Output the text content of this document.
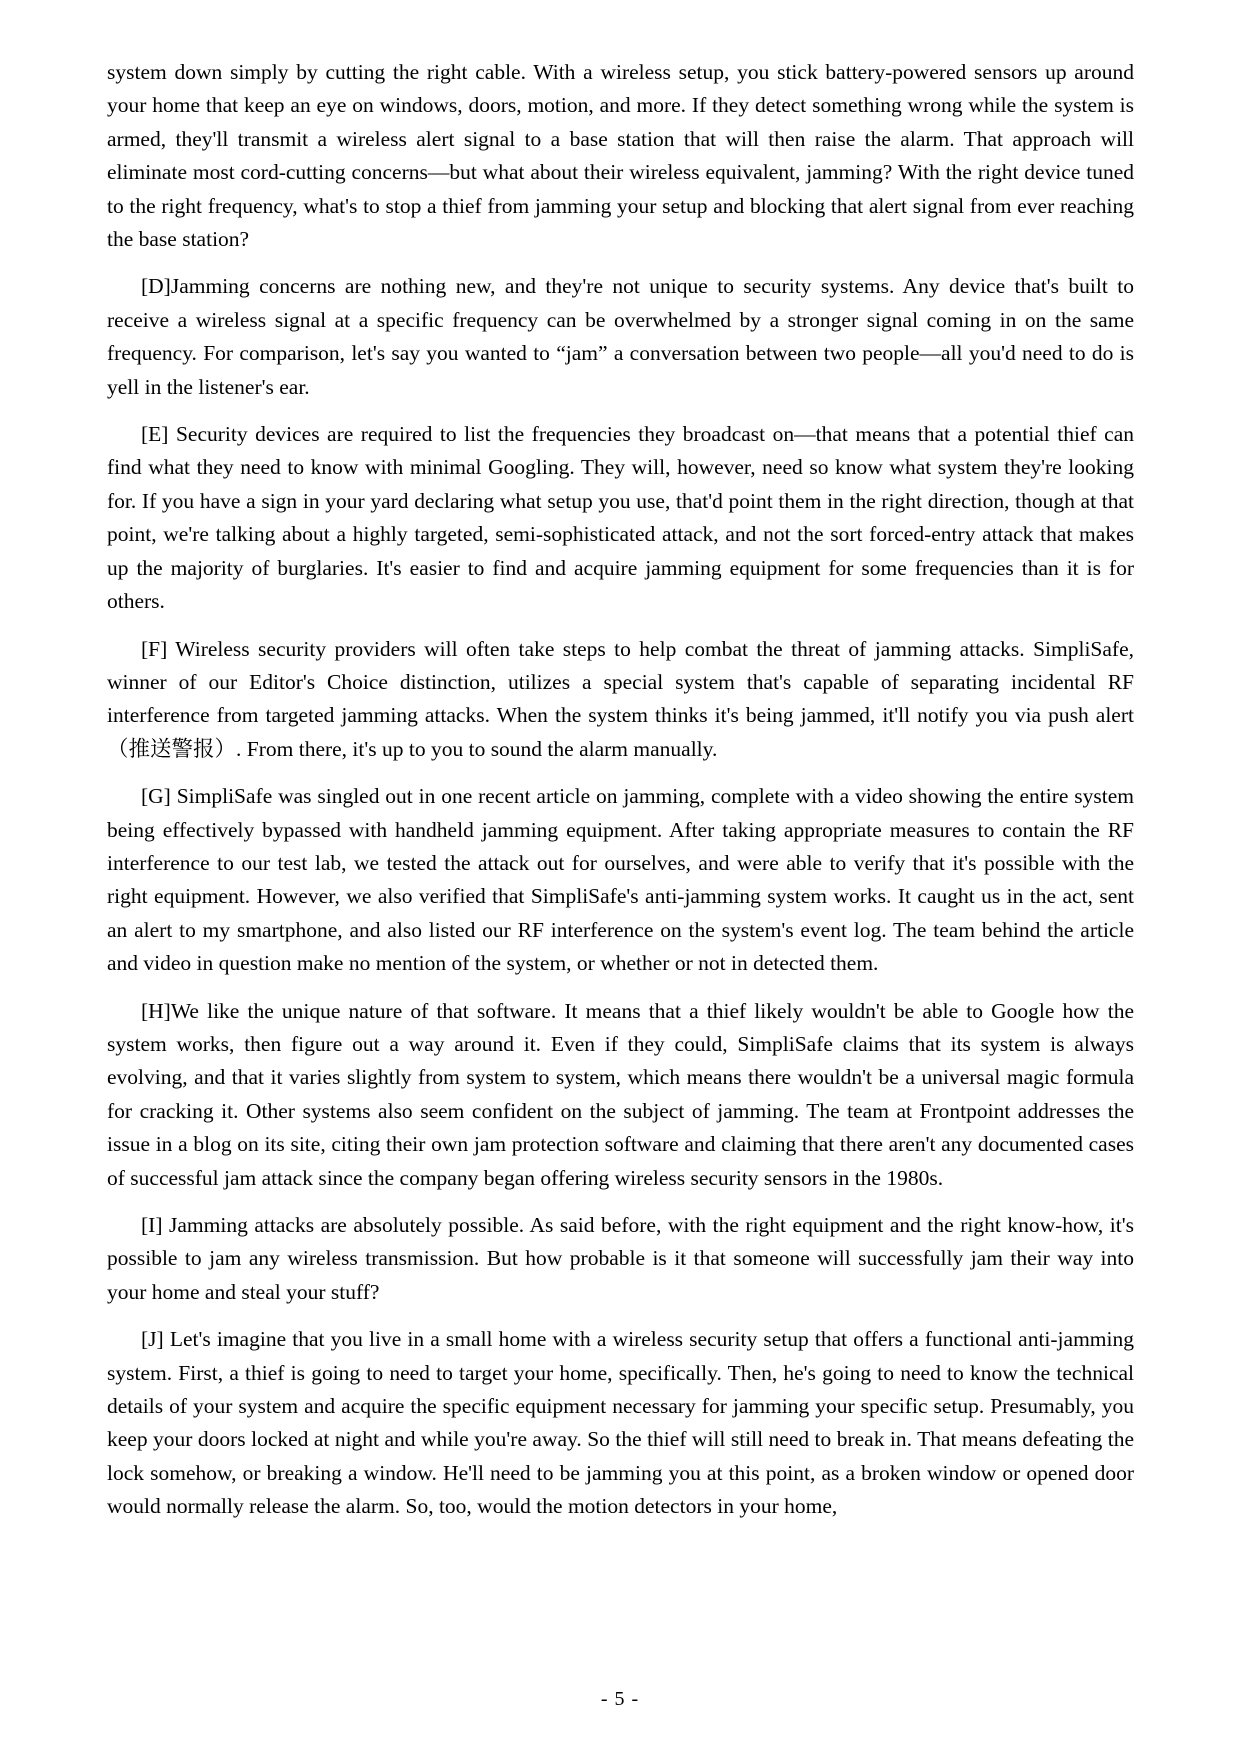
system down simply by cutting the right cable. With a wireless setup, you stick battery-powered sensors up around your home that keep an eye on windows, doors, motion, and more. If they detect something wrong while the system is armed, they'll transmit a wireless alert signal to a base station that will then raise the alarm. That approach will eliminate most cord-cutting concerns—but what about their wireless equivalent, jamming? With the right device tuned to the right frequency, what's to stop a thief from jamming your setup and blocking that alert signal from ever reaching the base station?

[D]Jamming concerns are nothing new, and they're not unique to security systems. Any device that's built to receive a wireless signal at a specific frequency can be overwhelmed by a stronger signal coming in on the same frequency. For comparison, let's say you wanted to “jam” a conversation between two people—all you'd need to do is yell in the listener's ear.

[E] Security devices are required to list the frequencies they broadcast on—that means that a potential thief can find what they need to know with minimal Googling. They will, however, need so know what system they're looking for. If you have a sign in your yard declaring what setup you use, that'd point them in the right direction, though at that point, we're talking about a highly targeted, semi-sophisticated attack, and not the sort forced-entry attack that makes up the majority of burglaries. It's easier to find and acquire jamming equipment for some frequencies than it is for others.

[F] Wireless security providers will often take steps to help combat the threat of jamming attacks. SimpliSafe, winner of our Editor's Choice distinction, utilizes a special system that's capable of separating incidental RF interference from targeted jamming attacks. When the system thinks it's being jammed, it'll notify you via push alert（推送警报）. From there, it's up to you to sound the alarm manually.

[G] SimpliSafe was singled out in one recent article on jamming, complete with a video showing the entire system being effectively bypassed with handheld jamming equipment. After taking appropriate measures to contain the RF interference to our test lab, we tested the attack out for ourselves, and were able to verify that it's possible with the right equipment. However, we also verified that SimpliSafe's anti-jamming system works. It caught us in the act, sent an alert to my smartphone, and also listed our RF interference on the system's event log. The team behind the article and video in question make no mention of the system, or whether or not in detected them.

[H]We like the unique nature of that software. It means that a thief likely wouldn't be able to Google how the system works, then figure out a way around it. Even if they could, SimpliSafe claims that its system is always evolving, and that it varies slightly from system to system, which means there wouldn't be a universal magic formula for cracking it. Other systems also seem confident on the subject of jamming. The team at Frontpoint addresses the issue in a blog on its site, citing their own jam protection software and claiming that there aren't any documented cases of successful jam attack since the company began offering wireless security sensors in the 1980s.

[I] Jamming attacks are absolutely possible. As said before, with the right equipment and the right know-how, it's possible to jam any wireless transmission. But how probable is it that someone will successfully jam their way into your home and steal your stuff?

[J] Let's imagine that you live in a small home with a wireless security setup that offers a functional anti-jamming system. First, a thief is going to need to target your home, specifically. Then, he's going to need to know the technical details of your system and acquire the specific equipment necessary for jamming your specific setup. Presumably, you keep your doors locked at night and while you're away. So the thief will still need to break in. That means defeating the lock somehow, or breaking a window. He'll need to be jamming you at this point, as a broken window or opened door would normally release the alarm. So, too, would the motion detectors in your home,

- 5 -
